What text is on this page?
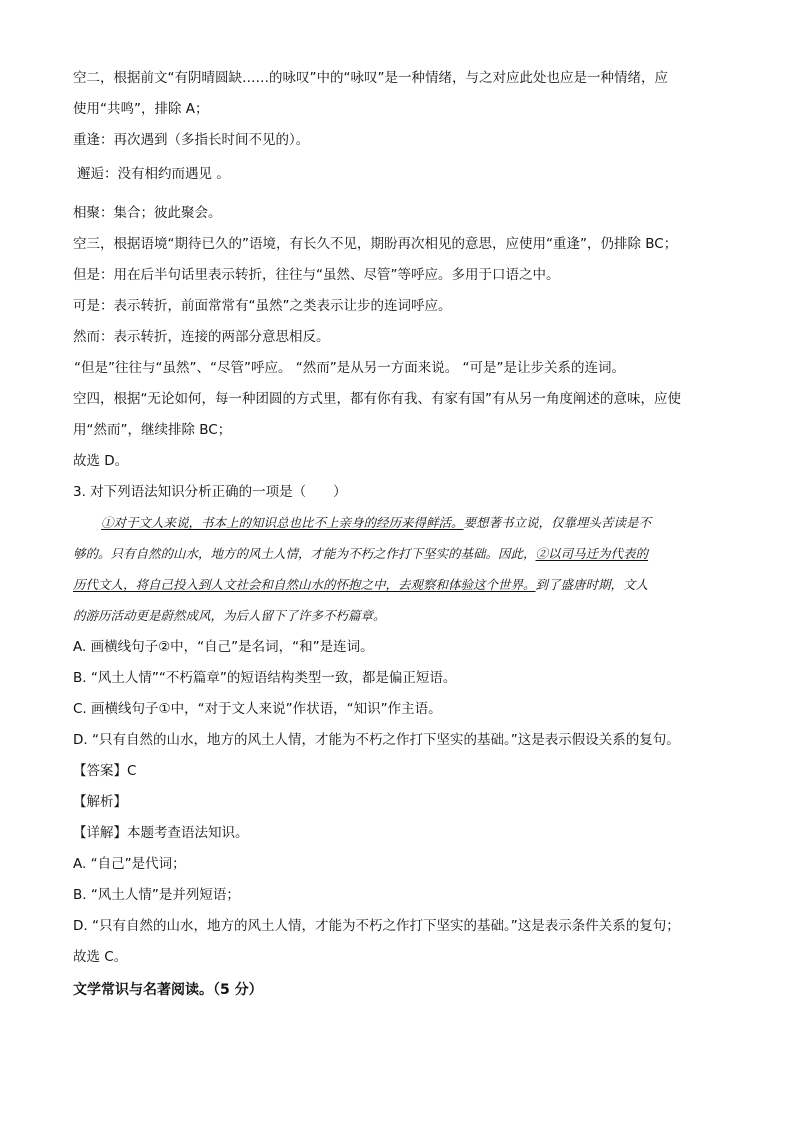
空二，根据前文“有阴晴圆缺……的咏叹”中的“咏叹”是一种情绪，与之对应此处也应是一种情绪，应
使用“共鸣”，排除 A；
重逢：再次遇到（多指长时间不见的）。
邂逅：没有相约而遇见 。
相聚：集合；彼此聚会。
空三，根据语境“期待已久的”语境，有长久不见，期盼再次相见的意思，应使用“重逢”，仍排除 BC；
但是：用在后半句话里表示转折，往往与“虽然、尽管”等呼应。多用于口语之中。
可是：表示转折，前面常常有“虽然”之类表示让步的连词呼应。
然而：表示转折，连接的两部分意思相反。
“但是”往往与“虽然”、“尽管”呼应。 “然而”是从另一方面来说。 “可是”是让步关系的连词。
空四，根据“无论如何，每一种团圆的方式里，都有你有我、有家有国”有从另一角度阐述的意味，应使
用“然而”，继续排除 BC；
故选 D。
3. 对下列语法知识分析正确的一项是（　　）
①对于文人来说，书本上的知识总也比不上亲身的经历来得鲜活。要想著书立说，仅靠埋头苦读是不
够的。只有自然的山水，地方的风土人情，才能为不朽之作打下坚实的基础。因此，②以司马迁为代表的
历代文人，将自己投入到人文社会和自然山水的怀抱之中，去观察和体验这个世界。到了盛唐时期，文人
的游历活动更是蔚然成风，为后人留下了许多不朽篇章。
A. 画横线句子②中，“自己”是名词，“和”是连词。
B. “风土人情”“不朽篇章”的短语结构类型一致，都是偏正短语。
C. 画横线句子①中，“对于文人来说”作状语，“知识”作主语。
D. “只有自然的山水，地方的风土人情，才能为不朽之作打下坚实的基础。”这是表示假设关系的复句。
【答案】C
【解析】
【详解】本题考查语法知识。
A. “自己”是代词；
B. “风土人情”是并列短语；
D. “只有自然的山水，地方的风土人情，才能为不朽之作打下坚实的基础。”这是表示条件关系的复句；
故选 C。
文学常识与名著阅读。（5 分）
